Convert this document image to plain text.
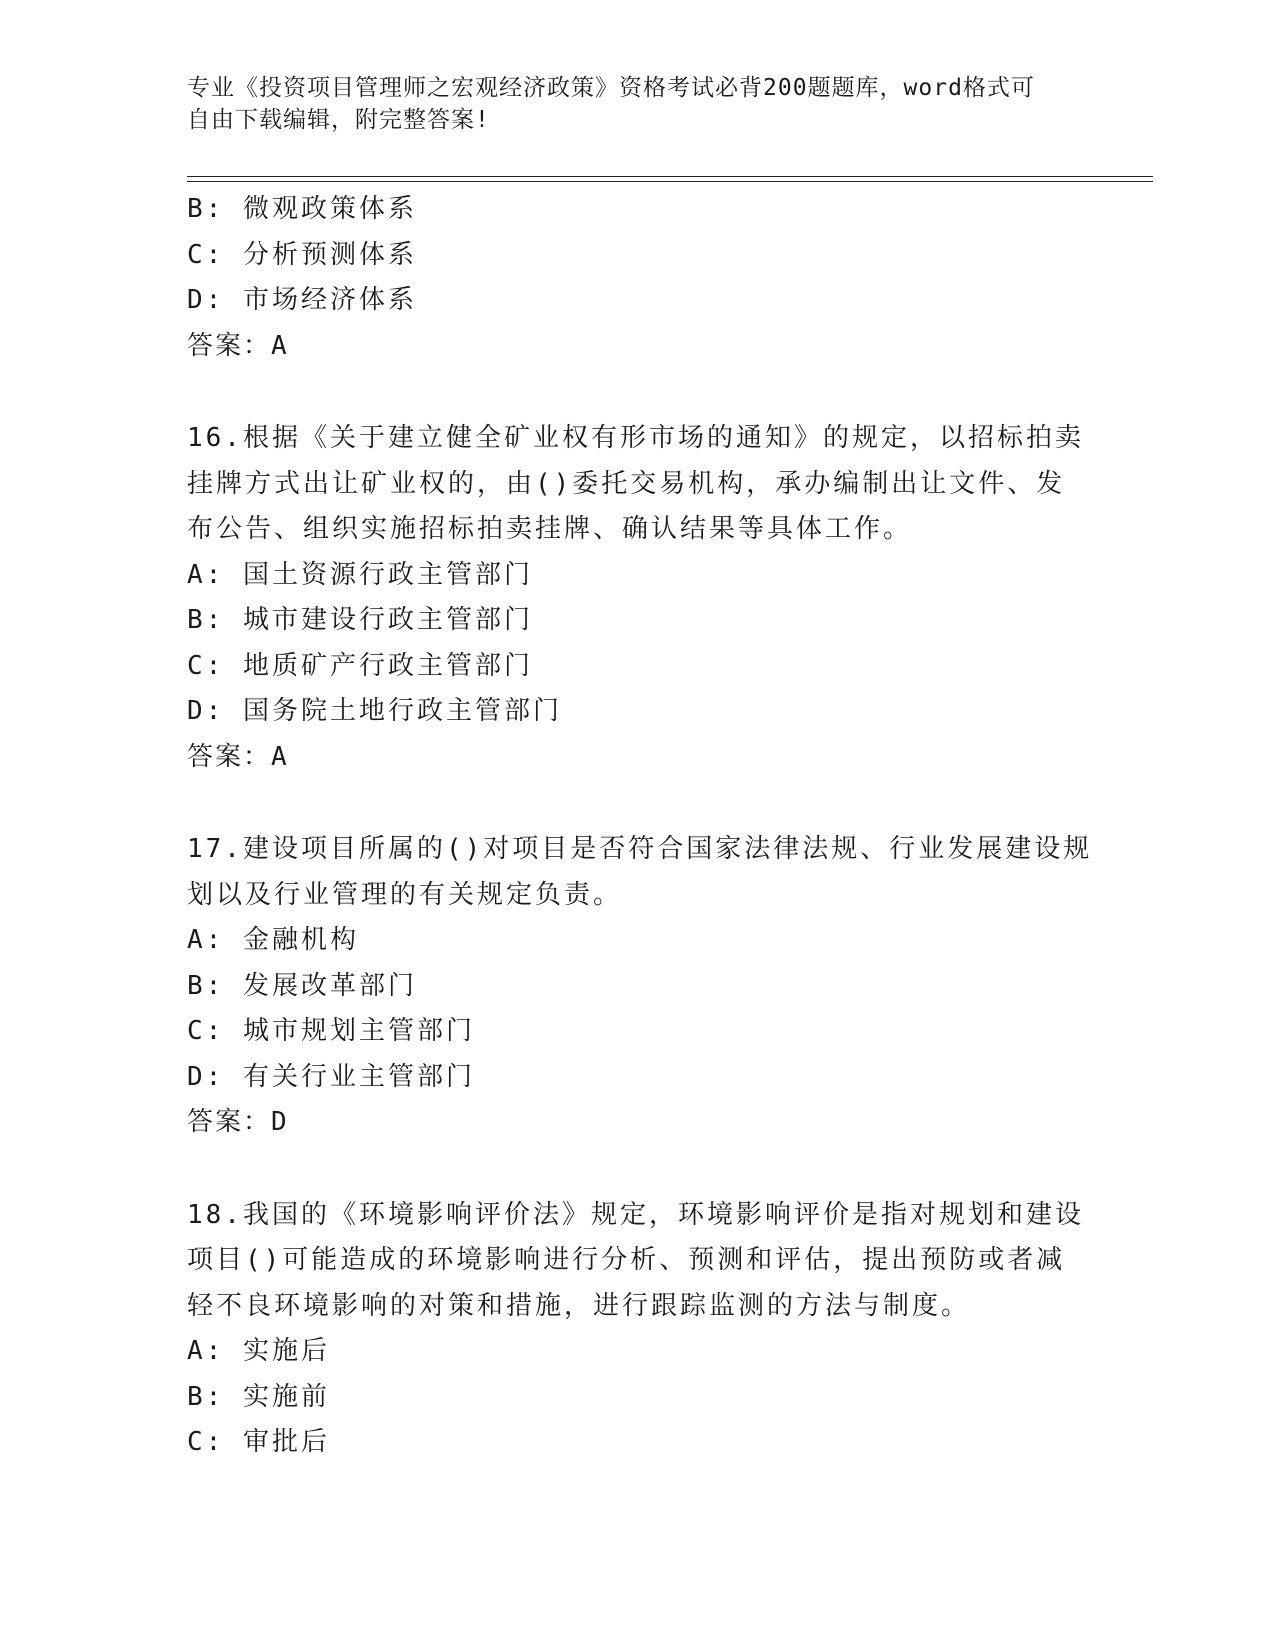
专业《投资项目管理师之宏观经济政策》资格考试必背200题题库，word格式可
自由下载编辑，附完整答案!
B: 微观政策体系
C: 分析预测体系
D: 市场经济体系
答案：A
16.根据《关于建立健全矿业权有形市场的通知》的规定，以招标拍卖
挂牌方式出让矿业权的，由()委托交易机构，承办编制出让文件、发
布公告、组织实施招标拍卖挂牌、确认结果等具体工作。
A: 国土资源行政主管部门
B: 城市建设行政主管部门
C: 地质矿产行政主管部门
D: 国务院土地行政主管部门
答案：A
17.建设项目所属的()对项目是否符合国家法律法规、行业发展建设规
划以及行业管理的有关规定负责。
A: 金融机构
B: 发展改革部门
C: 城市规划主管部门
D: 有关行业主管部门
答案：D
18.我国的《环境影响评价法》规定，环境影响评价是指对规划和建设
项目()可能造成的环境影响进行分析、预测和评估，提出预防或者减
轻不良环境影响的对策和措施，进行跟踪监测的方法与制度。
A: 实施后
B: 实施前
C: 审批后
